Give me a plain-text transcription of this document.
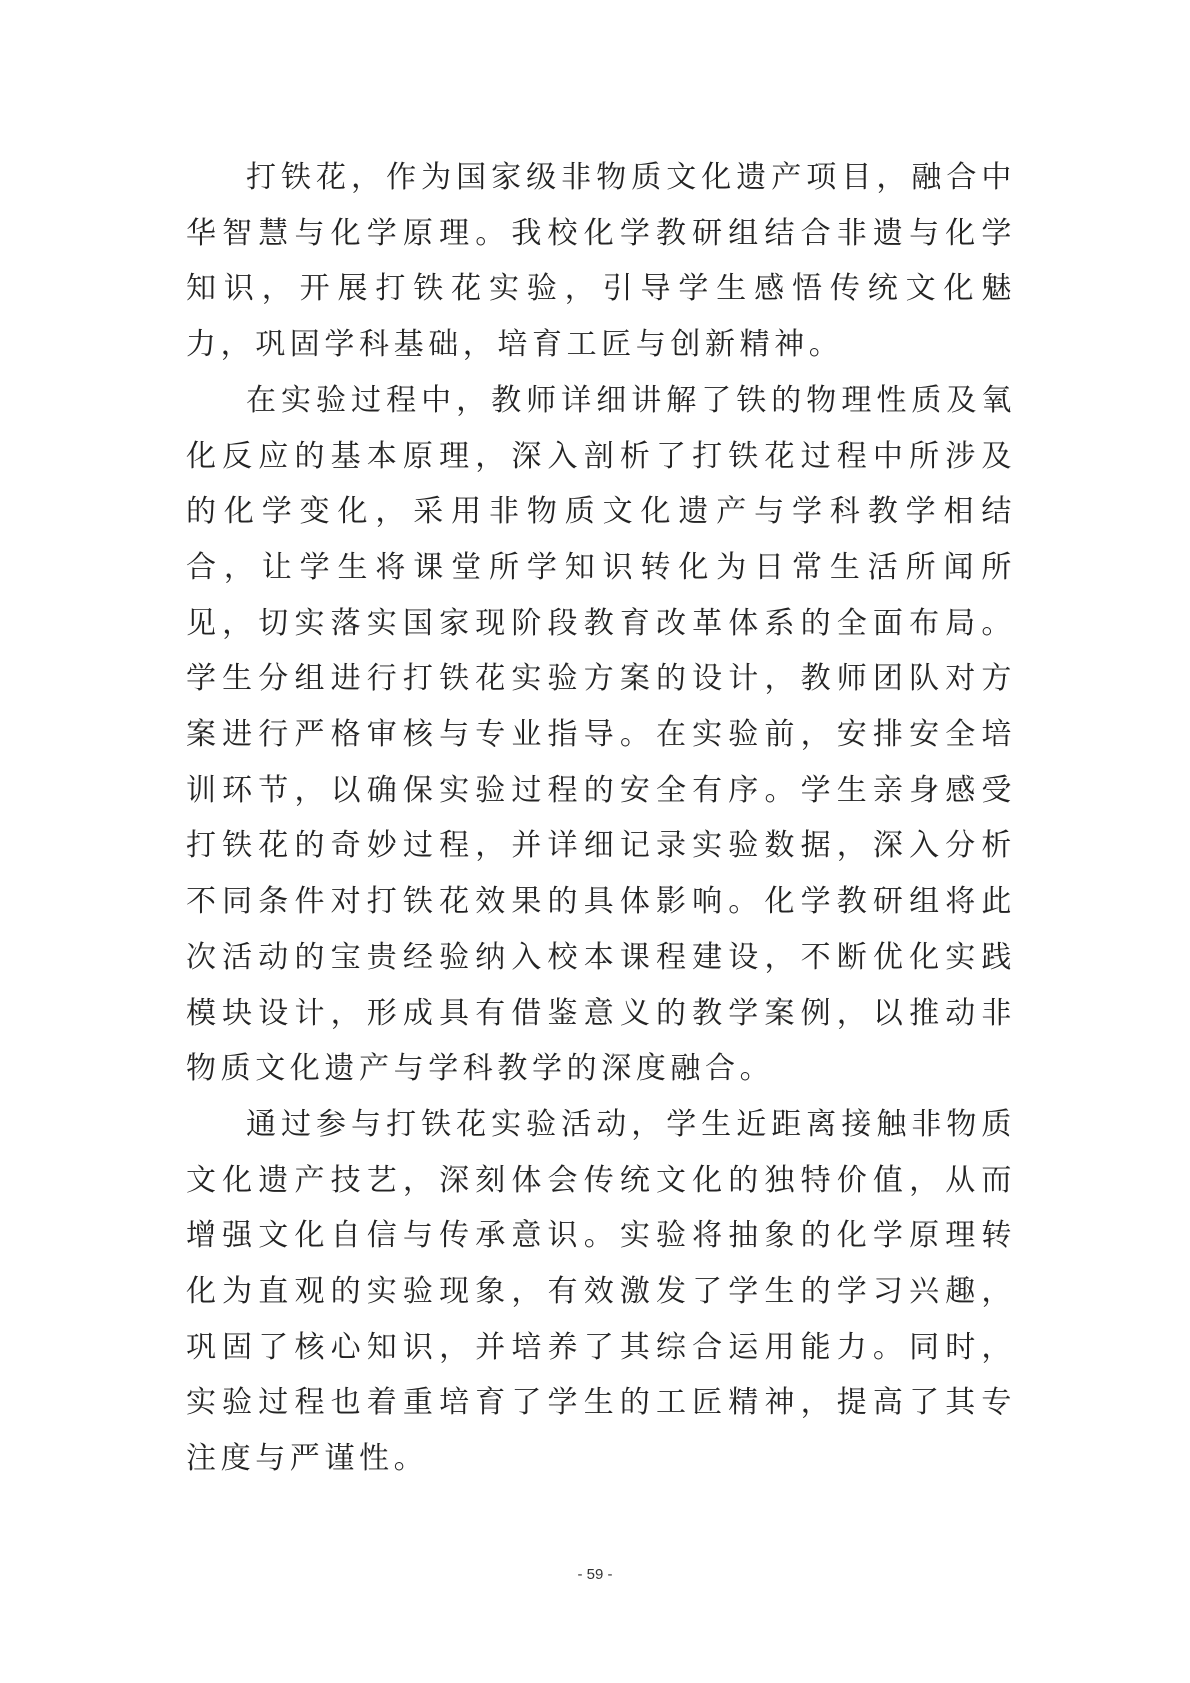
打铁花，作为国家级非物质文化遗产项目，融合中华智慧与化学原理。我校化学教研组结合非遗与化学知识，开展打铁花实验，引导学生感悟传统文化魅力，巩固学科基础，培育工匠与创新精神。

在实验过程中，教师详细讲解了铁的物理性质及氧化反应的基本原理，深入剖析了打铁花过程中所涉及的化学变化，采用非物质文化遗产与学科教学相结合，让学生将课堂所学知识转化为日常生活所闻所见，切实落实国家现阶段教育改革体系的全面布局。学生分组进行打铁花实验方案的设计，教师团队对方案进行严格审核与专业指导。在实验前，安排安全培训环节，以确保实验过程的安全有序。学生亲身感受打铁花的奇妙过程，并详细记录实验数据，深入分析不同条件对打铁花效果的具体影响。化学教研组将此次活动的宝贵经验纳入校本课程建设，不断优化实践模块设计，形成具有借鉴意义的教学案例，以推动非物质文化遗产与学科教学的深度融合。

通过参与打铁花实验活动，学生近距离接触非物质文化遗产技艺，深刻体会传统文化的独特价值，从而增强文化自信与传承意识。实验将抽象的化学原理转化为直观的实验现象，有效激发了学生的学习兴趣，巩固了核心知识，并培养了其综合运用能力。同时，实验过程也着重培育了学生的工匠精神，提高了其专注度与严谨性。

- 59 -
